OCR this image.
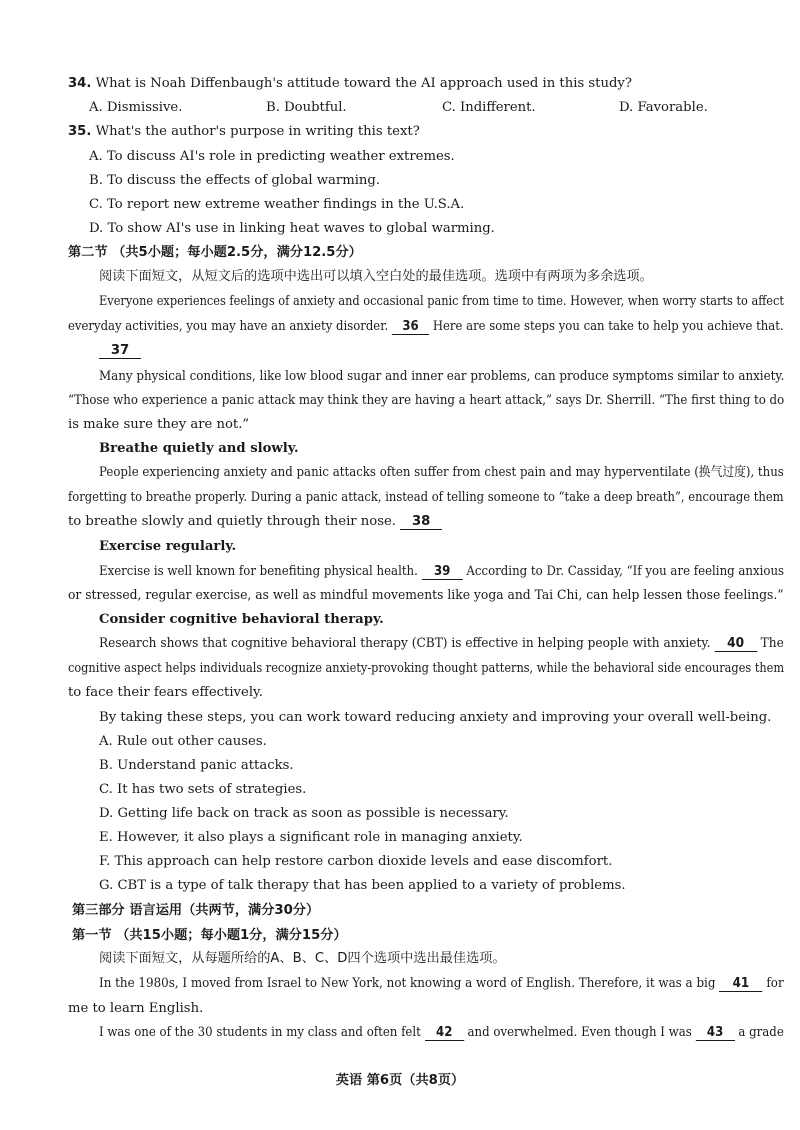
34. What is Noah Diffenbaugh's attitude toward the AI approach used in this study?
A. Dismissive.	B. Doubtful.	C. Indifferent.	D. Favorable.
35. What's the author's purpose in writing this text?
A. To discuss AI's role in predicting weather extremes.
B. To discuss the effects of global warming.
C. To report new extreme weather findings in the U.S.A.
D. To show AI's use in linking heat waves to global warming.
第二节 （共5小题；每小题2.5分，满分12.5分）
阅读下面短文，从短文后的选项中选出可以填入空白处的最佳选项。选项中有两项为多余选项。
Everyone experiences feelings of anxiety and occasional panic from time to time. However, when worry starts to affect
everyday activities, you may have an anxiety disorder. 36 Here are some steps you can take to help you achieve that.
37
Many physical conditions, like low blood sugar and inner ear problems, can produce symptoms similar to anxiety.
“Those who experience a panic attack may think they are having a heart attack,” says Dr. Sherrill. “The first thing to do
is make sure they are not.”
Breathe quietly and slowly.
People experiencing anxiety and panic attacks often suffer from chest pain and may hyperventilate (换气过度), thus
forgetting to breathe properly. During a panic attack, instead of telling someone to “take a deep breath”, encourage them
to breathe slowly and quietly through their nose. 38
Exercise regularly.
Exercise is well known for benefiting physical health. 39 According to Dr. Cassiday, “If you are feeling anxious
or stressed, regular exercise, as well as mindful movements like yoga and Tai Chi, can help lessen those feelings.”
Consider cognitive behavioral therapy.
Research shows that cognitive behavioral therapy (CBT) is effective in helping people with anxiety. 40 The
cognitive aspect helps individuals recognize anxiety-provoking thought patterns, while the behavioral side encourages them
to face their fears effectively.
By taking these steps, you can work toward reducing anxiety and improving your overall well-being.
A. Rule out other causes.
B. Understand panic attacks.
C. It has two sets of strategies.
D. Getting life back on track as soon as possible is necessary.
E. However, it also plays a significant role in managing anxiety.
F. This approach can help restore carbon dioxide levels and ease discomfort.
G. CBT is a type of talk therapy that has been applied to a variety of problems.
第三部分 语言运用（共两节，满分30分）
第一节 （共15小题；每小题1分，满分15分）
阅读下面短文，从每题所给的A、B、C、D四个选项中选出最佳选项。
In the 1980s, I moved from Israel to New York, not knowing a word of English. Therefore, it was a big 41 for
me to learn English.
I was one of the 30 students in my class and often felt 42 and overwhelmed. Even though I was 43 a grade
英语 第6页（共8页）
